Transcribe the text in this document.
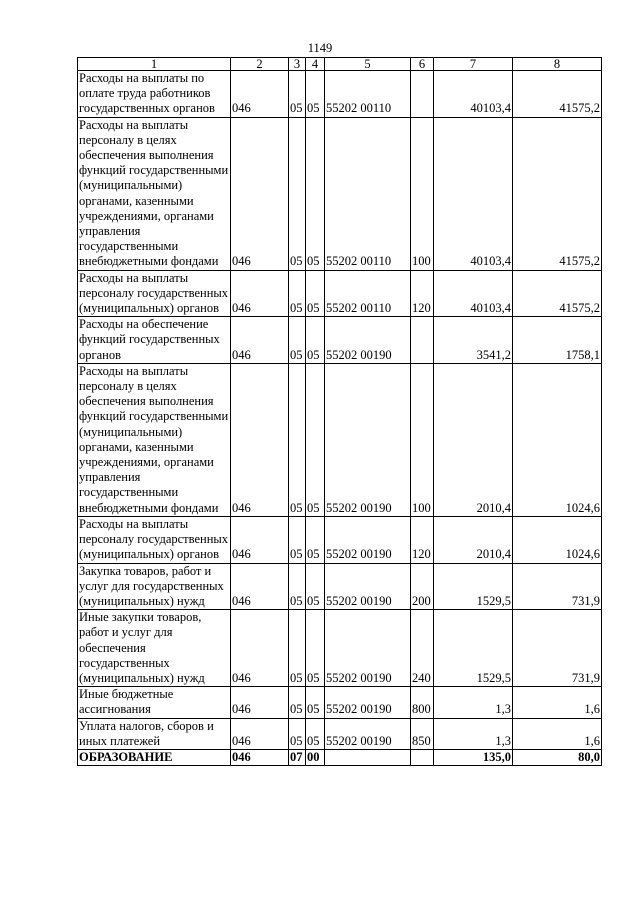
1149
1	2	3	4	5	6	7	8
Расходы на выплаты по оплате труда работников государственных органов	046	05	05	55202 00110		40103,4	41575,2
Расходы на выплаты персоналу в целях обеспечения выполнения функций государственными (муниципальными) органами, казенными учреждениями, органами управления государственными внебюджетными фондами	046	05	05	55202 00110	100	40103,4	41575,2
Расходы на выплаты персоналу государственных (муниципальных) органов	046	05	05	55202 00110	120	40103,4	41575,2
Расходы на обеспечение функций государственных органов	046	05	05	55202 00190		3541,2	1758,1
Расходы на выплаты персоналу в целях обеспечения выполнения функций государственными (муниципальными) органами, казенными учреждениями, органами управления государственными внебюджетными фондами	046	05	05	55202 00190	100	2010,4	1024,6
Расходы на выплаты персоналу государственных (муниципальных) органов	046	05	05	55202 00190	120	2010,4	1024,6
Закупка товаров, работ и услуг для государственных (муниципальных) нужд	046	05	05	55202 00190	200	1529,5	731,9
Иные закупки товаров, работ и услуг для обеспечения государственных (муниципальных) нужд	046	05	05	55202 00190	240	1529,5	731,9
Иные бюджетные ассигнования	046	05	05	55202 00190	800	1,3	1,6
Уплата налогов, сборов и иных платежей	046	05	05	55202 00190	850	1,3	1,6
ОБРАЗОВАНИЕ	046	07	00			135,0	80,0
